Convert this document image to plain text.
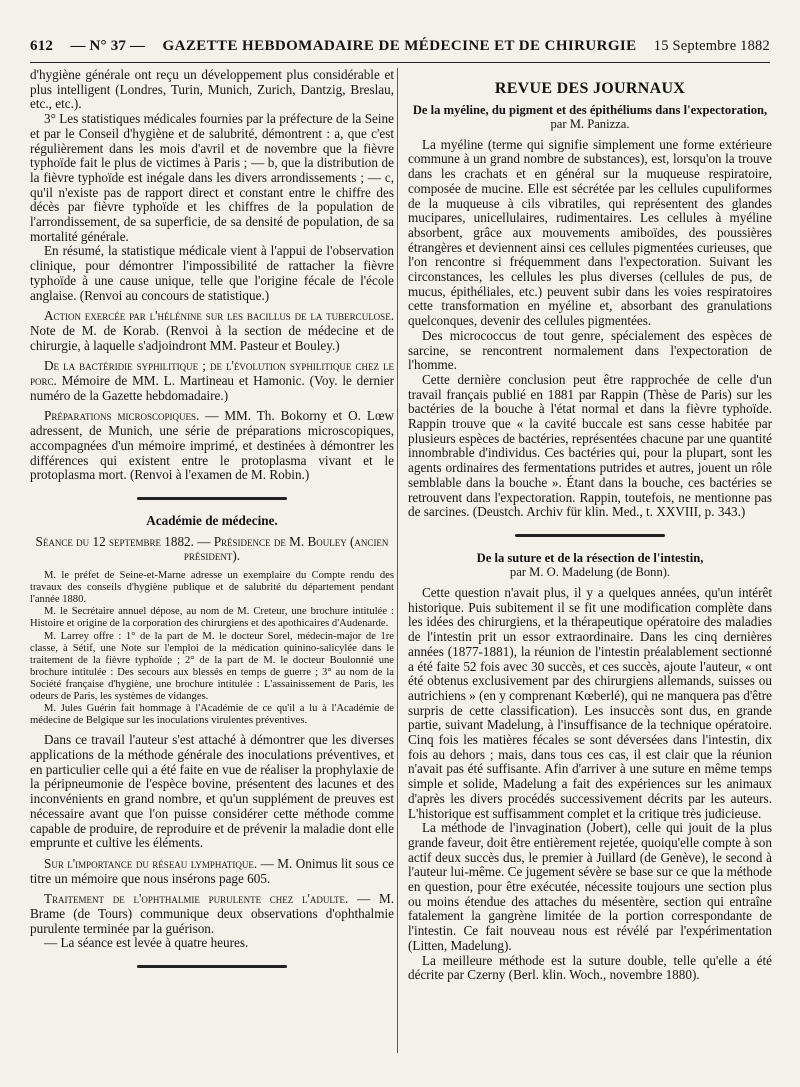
612 — N° 37 — GAZETTE HEBDOMADAIRE DE MÉDECINE ET DE CHIRURGIE 15 Septembre 1882

d'hygiène générale ont reçu un développement plus considérable et plus intelligent (Londres, Turin, Munich, Zurich, Dantzig, Breslau, etc., etc.).

3° Les statistiques médicales fournies par la préfecture de la Seine et par le Conseil d'hygiène et de salubrité, démontrent : a, que c'est régulièrement dans les mois d'avril et de novembre que la fièvre typhoïde fait le plus de victimes à Paris ; — b, que la distribution de la fièvre typhoïde est inégale dans les divers arrondissements ; — c, qu'il n'existe pas de rapport direct et constant entre le chiffre des décès par fièvre typhoïde et les chiffres de la population de l'arrondissement, de sa superficie, de sa densité de population, de sa mortalité générale.

En résumé, la statistique médicale vient à l'appui de l'observation clinique, pour démontrer l'impossibilité de rattacher la fièvre typhoïde à une cause unique, telle que l'origine fécale de l'école anglaise. (Renvoi au concours de statistique.)

Action exercée par l'hélénine sur les bacillus de la tuberculose. Note de M. de Korab. (Renvoi à la section de médecine et de chirurgie, à laquelle s'adjoindront MM. Pasteur et Bouley.)

De la bactéridie syphilitique ; de l'évolution syphilitique chez le porc. Mémoire de MM. L. Martineau et Hamonic. (Voy. le dernier numéro de la Gazette hebdomadaire.)

Préparations microscopiques. — MM. Th. Bokorny et O. Lœw adressent, de Munich, une série de préparations microscopiques, accompagnées d'un mémoire imprimé, et destinées à démontrer les différences qui existent entre le protoplasma vivant et le protoplasma mort. (Renvoi à l'examen de M. Robin.)

Académie de médecine.

Séance du 12 septembre 1882. — Présidence de M. Bouley (ancien président).

M. le préfet de Seine-et-Marne adresse un exemplaire du Compte rendu des travaux des conseils d'hygiène publique et de salubrité du département pendant l'année 1880.

M. le Secrétaire annuel dépose, au nom de M. Creteur, une brochure intitulée : Histoire et origine de la corporation des chirurgiens et des apothicaires d'Audenarde.

M. Larrey offre : 1° de la part de M. le docteur Sorel, médecin-major de 1re classe, à Sétif, une Note sur l'emploi de la médication quinino-salicylée dans le traitement de la fièvre typhoïde ; 2° de la part de M. le docteur Boulonnié une brochure intitulée : Des secours aux blessés en temps de guerre ; 3° au nom de la Société française d'hygiène, une brochure intitulée : L'assainissement de Paris, les odeurs de Paris, les systèmes de vidanges.

M. Jules Guérin fait hommage à l'Académie de ce qu'il a lu à l'Académie de médecine de Belgique sur les inoculations virulentes préventives.

Dans ce travail l'auteur s'est attaché à démontrer que les diverses applications de la méthode générale des inoculations préventives, et en particulier celle qui a été faite en vue de réaliser la prophylaxie de la péripneumonie de l'espèce bovine, présentent des lacunes et des inconvénients en grand nombre, et qu'un supplément de preuves est nécessaire avant que l'on puisse considérer cette méthode comme capable de produire, de reproduire et de prévenir la maladie dont elle emprunte et cultive les éléments.

Sur l'importance du réseau lymphatique. — M. Onimus lit sous ce titre un mémoire que nous insérons page 605.

Traitement de l'ophthalmie purulente chez l'adulte. — M. Brame (de Tours) communique deux observations d'ophthalmie purulente terminée par la guérison.

— La séance est levée à quatre heures.

REVUE DES JOURNAUX

De la myéline, du pigment et des épithéliums dans l'expectoration, par M. Panizza.

La myéline (terme qui signifie simplement une forme extérieure commune à un grand nombre de substances), est, lorsqu'on la trouve dans les crachats et en général sur la muqueuse respiratoire, composée de mucine. Elle est sécrétée par les cellules cupuliformes de la muqueuse à cils vibratiles, qui représentent des glandes mucipares, unicellulaires, rudimentaires. Les cellules à myéline absorbent, grâce aux mouvements amiboïdes, des poussières étrangères et deviennent ainsi ces cellules pigmentées curieuses, que l'on rencontre si fréquemment dans l'expectoration. Suivant les circonstances, les cellules les plus diverses (cellules de pus, de mucus, épithéliales, etc.) peuvent subir dans les voies respiratoires cette transformation en myéline et, absorbant des granulations quelconques, devenir des cellules pigmentées.

Des micrococcus de tout genre, spécialement des espèces de sarcine, se rencontrent normalement dans l'expectoration de l'homme.

Cette dernière conclusion peut être rapprochée de celle d'un travail français publié en 1881 par Rappin (Thèse de Paris) sur les bactéries de la bouche à l'état normal et dans la fièvre typhoïde. Rappin trouve que « la cavité buccale est sans cesse habitée par plusieurs espèces de bactéries, représentées chacune par une quantité innombrable d'individus. Ces bactéries qui, pour la plupart, sont les agents ordinaires des fermentations putrides et autres, jouent un rôle semblable dans la bouche ». Étant dans la bouche, ces bactéries se retrouvent dans l'expectoration. Rappin, toutefois, ne mentionne pas de sarcines. (Deustch. Archiv für klin. Med., t. XXVIII, p. 343.)

De la suture et de la résection de l'intestin,
par M. O. Madelung (de Bonn).

Cette question n'avait plus, il y a quelques années, qu'un intérêt historique. Puis subitement il se fit une modification complète dans les idées des chirurgiens, et la thérapeutique opératoire des maladies de l'intestin prit un essor extraordinaire. Dans les cinq dernières années (1877-1881), la réunion de l'intestin préalablement sectionné a été faite 52 fois avec 30 succès, et ces succès, ajoute l'auteur, « ont été obtenus exclusivement par des chirurgiens allemands, suisses ou autrichiens » (en y comprenant Kœberlé), qui ne manquera pas d'être surpris de cette classification). Les insuccès sont dus, en grande partie, suivant Madelung, à l'insuffisance de la technique opératoire. Cinq fois les matières fécales se sont déversées dans l'intestin, dix fois au dehors ; mais, dans tous ces cas, il est clair que la réunion n'avait pas été suffisante. Afin d'arriver à une suture en même temps simple et solide, Madelung a fait des expériences sur les animaux d'après les divers procédés successivement décrits par les auteurs. L'historique est suffisamment complet et la critique très judicieuse.

La méthode de l'invagination (Jobert), celle qui jouit de la plus grande faveur, doit être entièrement rejetée, quoiqu'elle compte à son actif deux succès dus, le premier à Juillard (de Genève), le second à l'auteur lui-même. Ce jugement sévère se base sur ce que la méthode en question, pour être exécutée, nécessite toujours une section plus ou moins étendue des attaches du mésentère, section qui entraîne fatalement la gangrène limitée de la portion correspondante de l'intestin. Ce fait nouveau nous est révélé par l'expérimentation (Litten, Madelung).

La meilleure méthode est la suture double, telle qu'elle a été décrite par Czerny (Berl. klin. Woch., novembre 1880).
